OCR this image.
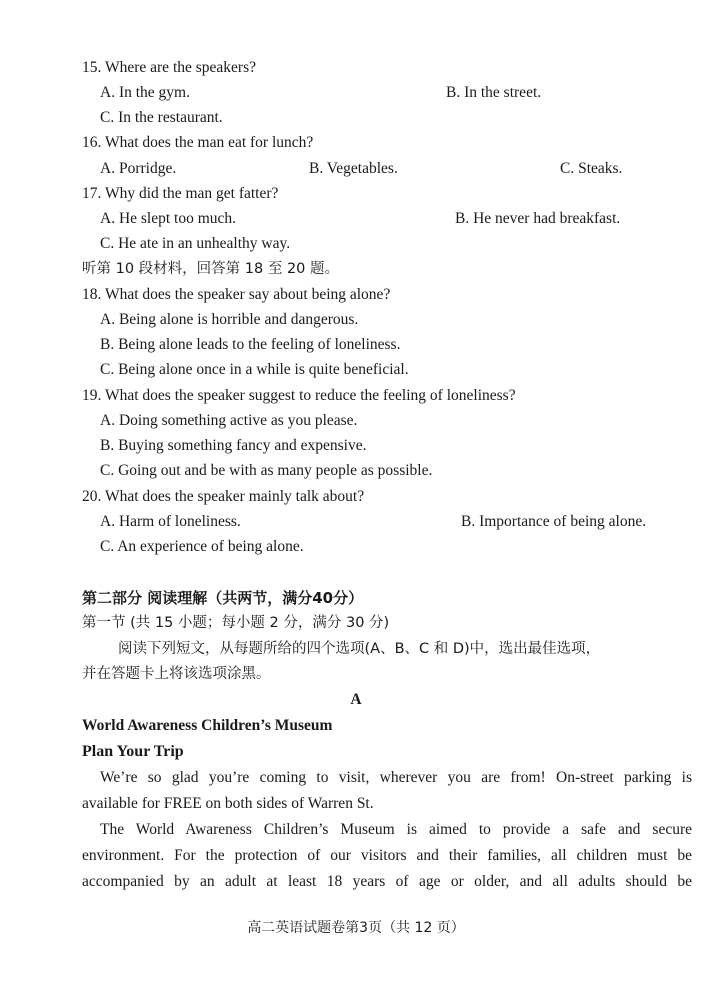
15. Where are the speakers?
A. In the gym.	B. In the street.
C. In the restaurant.
16. What does the man eat for lunch?
A. Porridge.	B. Vegetables.	C. Steaks.
17. Why did the man get fatter?
A. He slept too much.	B. He never had breakfast.
C. He ate in an unhealthy way.
听第 10 段材料，回答第 18 至 20 题。
18. What does the speaker say about being alone?
A. Being alone is horrible and dangerous.
B. Being alone leads to the feeling of loneliness.
C. Being alone once in a while is quite beneficial.
19. What does the speaker suggest to reduce the feeling of loneliness?
A. Doing something active as you please.
B. Buying something fancy and expensive.
C. Going out and be with as many people as possible.
20. What does the speaker mainly talk about?
A. Harm of loneliness.	B. Importance of being alone.
C. An experience of being alone.
第二部分 阅读理解（共两节，满分40分）
第一节 (共 15 小题；每小题 2 分，满分 30 分)
阅读下列短文，从每题所给的四个选项(A、B、C 和 D)中，选出最佳选项，
并在答题卡上将该选项涂黑。
A
World Awareness Children’s Museum
Plan Your Trip
We’re so glad you’re coming to visit, wherever you are from! On-street parking is
available for FREE on both sides of Warren St.
The World Awareness Children’s Museum is aimed to provide a safe and secure
environment. For the protection of our visitors and their families, all children must be
accompanied by an adult at least 18 years of age or older, and all adults should be
高二英语试题卷第3页（共 12 页）
